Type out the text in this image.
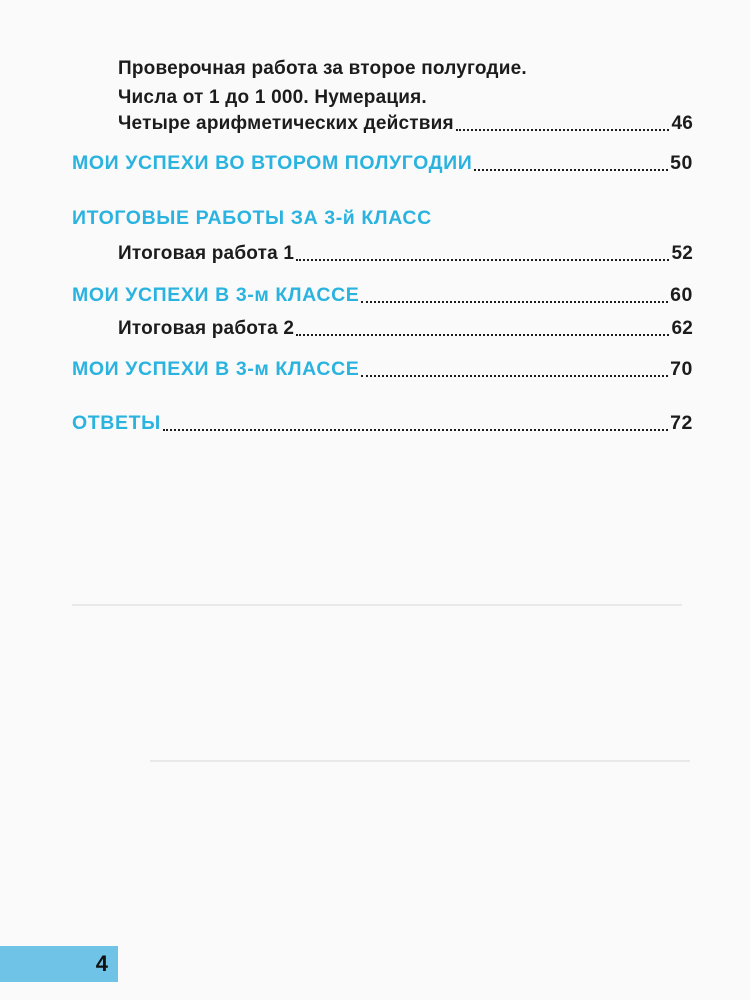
Проверочная работа за второе полугодие.
Числа от 1 до 1 000. Нумерация.
Четыре арифметических действия	46
МОИ УСПЕХИ ВО ВТОРОМ ПОЛУГОДИИ	50
ИТОГОВЫЕ РАБОТЫ ЗА 3-й КЛАСС
Итоговая работа 1	52
МОИ УСПЕХИ В 3-м КЛАССЕ	60
Итоговая работа 2	62
МОИ УСПЕХИ В 3-м КЛАССЕ	70
ОТВЕТЫ	72
4
